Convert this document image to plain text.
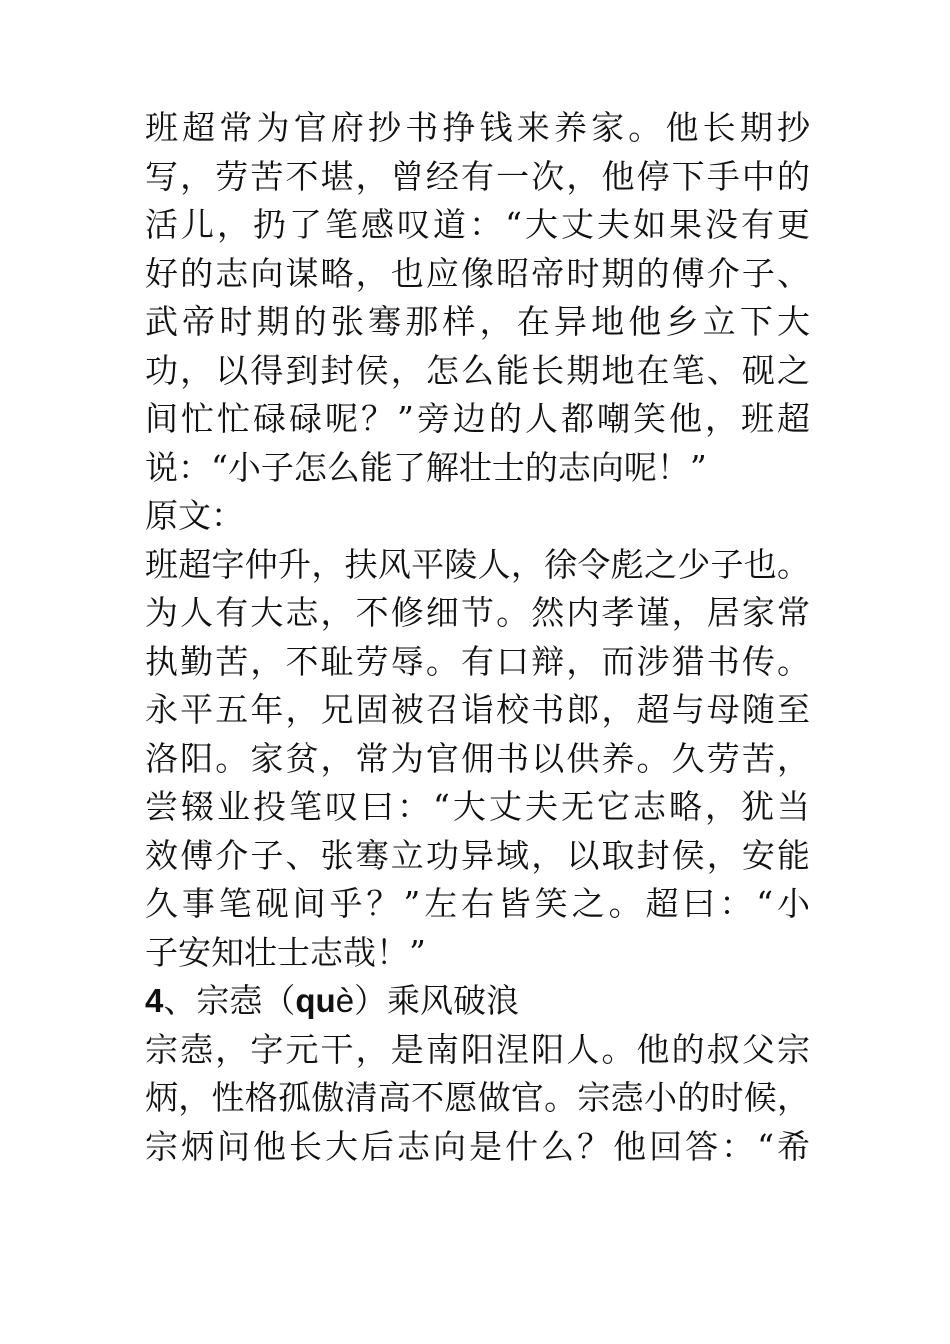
班超常为官府抄书挣钱来养家。他长期抄
写，劳苦不堪，曾经有一次，他停下手中的
活儿，扔了笔感叹道：“大丈夫如果没有更
好的志向谋略，也应像昭帝时期的傅介子、
武帝时期的张骞那样，在异地他乡立下大
功，以得到封侯，怎么能长期地在笔、砚之
间忙忙碌碌呢？”旁边的人都嘲笑他，班超
说：“小子怎么能了解壮士的志向呢！”
原文：
班超字仲升，扶风平陵人，徐令彪之少子也。
为人有大志，不修细节。然内孝谨，居家常
执勤苦，不耻劳辱。有口辩，而涉猎书传。
永平五年，兄固被召诣校书郎，超与母随至
洛阳。家贫，常为官佣书以供养。久劳苦，
尝辍业投笔叹曰：“大丈夫无它志略，犹当
效傅介子、张骞立功异域，以取封侯，安能
久事笔砚间乎？”左右皆笑之。超曰：“小
子安知壮士志哉！”
4、宗悫（què）乘风破浪
宗悫，字元干，是南阳涅阳人。他的叔父宗
炳，性格孤傲清高不愿做官。宗悫小的时候，
宗炳问他长大后志向是什么？他回答：“希
